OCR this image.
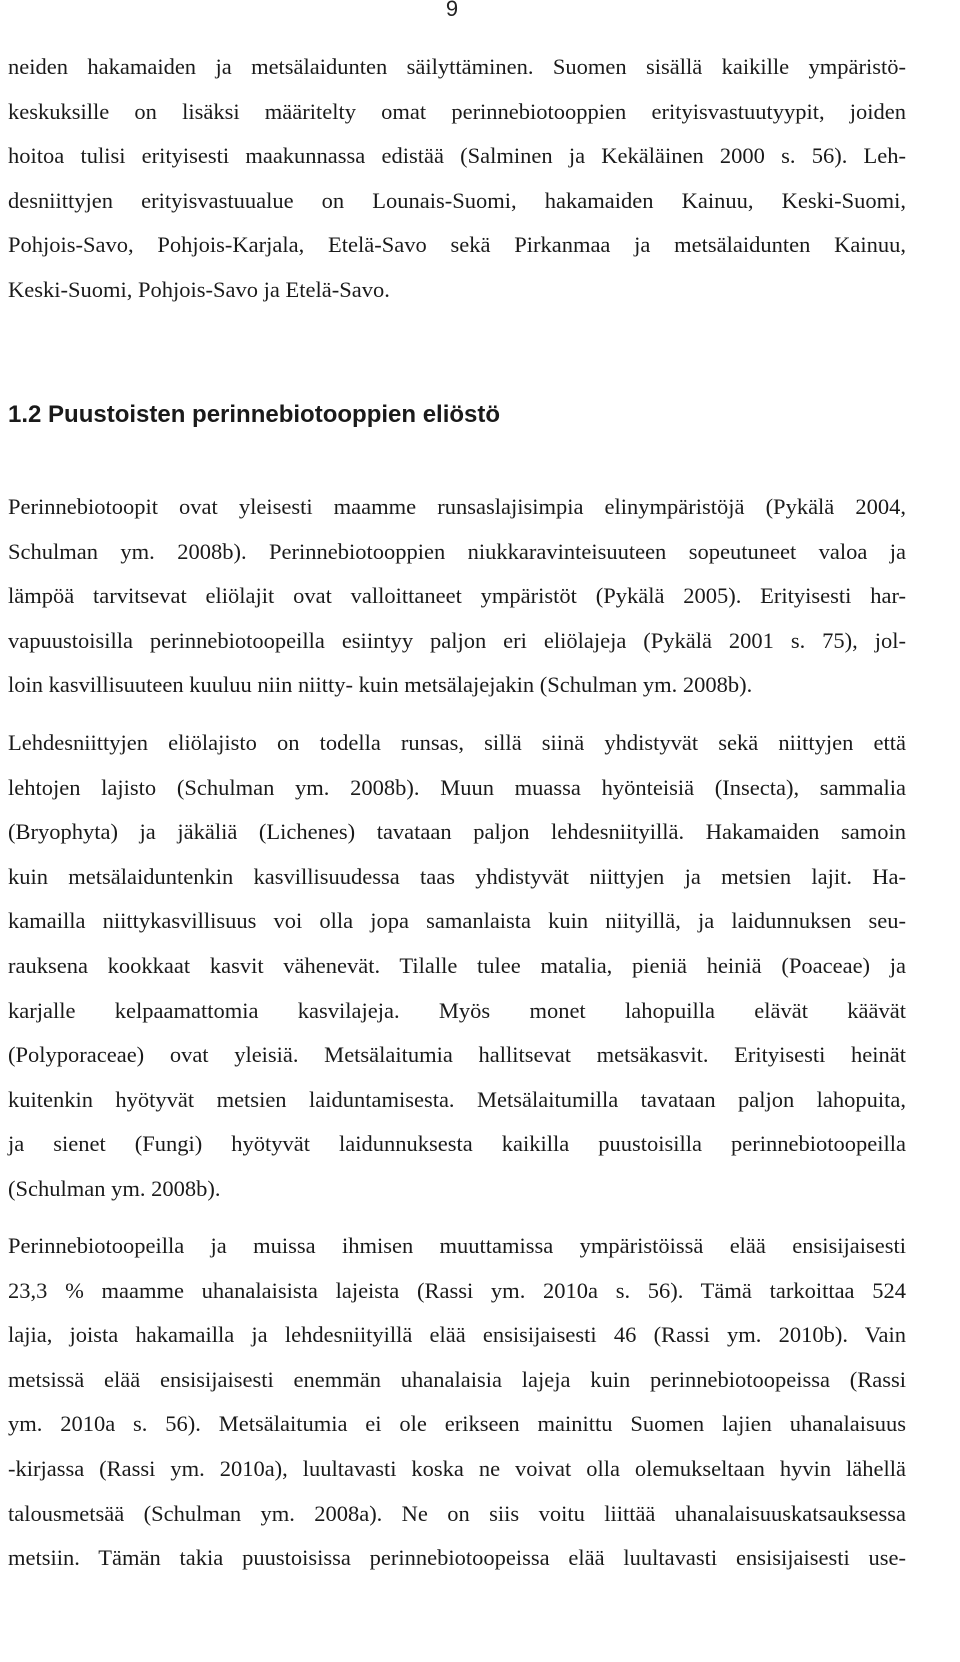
9
neiden hakamaiden ja metsälaidunten säilyttäminen. Suomen sisällä kaikille ympäristö-
keskuksille on lisäksi määritelty omat perinnebiotooppien erityisvastuutyypit, joiden
hoitoa tulisi erityisesti maakunnassa edistää (Salminen ja Kekäläinen 2000 s. 56). Leh-
desniittyjen erityisvastuualue on Lounais-Suomi, hakamaiden Kainuu, Keski-Suomi,
Pohjois-Savo, Pohjois-Karjala, Etelä-Savo sekä Pirkanmaa ja metsälaidunten Kainuu,
Keski-Suomi, Pohjois-Savo ja Etelä-Savo.
1.2 Puustoisten perinnebiotooppien eliöstö
Perinnebiotoopit ovat yleisesti maamme runsaslajisimpia elinympäristöjä (Pykälä 2004,
Schulman ym. 2008b). Perinnebiotooppien niukkaravinteisuuteen sopeutuneet valoa ja
lämpöä tarvitsevat eliölajit ovat valloittaneet ympäristöt (Pykälä 2005). Erityisesti har-
vapuustoisilla perinnebiotoopeilla esiintyy paljon eri eliölajeja (Pykälä 2001 s. 75), jol-
loin kasvillisuuteen kuuluu niin niitty- kuin metsälajejakin (Schulman ym. 2008b).
Lehdesniittyjen eliölajisto on todella runsas, sillä siinä yhdistyvät sekä niittyjen että
lehtojen lajisto (Schulman ym. 2008b). Muun muassa hyönteisiä (Insecta), sammalia
(Bryophyta) ja jäkäliä (Lichenes) tavataan paljon lehdesniityillä. Hakamaiden samoin
kuin metsälaiduntenkin kasvillisuudessa taas yhdistyvät niittyjen ja metsien lajit. Ha-
kamailla niittykasvillisuus voi olla jopa samanlaista kuin niityillä, ja laidunnuksen seu-
rauksena kookkaat kasvit vähenevät. Tilalle tulee matalia, pieniä heiniä (Poaceae) ja
karjalle kelpaamattomia kasvilajeja. Myös monet lahopuilla elävät käävät
(Polyporaceae) ovat yleisiä. Metsälaitumia hallitsevat metsäkasvit. Erityisesti heinät
kuitenkin hyötyvät metsien laiduntamisesta. Metsälaitumilla tavataan paljon lahopuita,
ja sienet (Fungi) hyötyvät laidunnuksesta kaikilla puustoisilla perinnebiotoopeilla
(Schulman ym. 2008b).
Perinnebiotoopeilla ja muissa ihmisen muuttamissa ympäristöissä elää ensisijaisesti
23,3 % maamme uhanalaisista lajeista (Rassi ym. 2010a s. 56). Tämä tarkoittaa 524
lajia, joista hakamailla ja lehdesniityillä elää ensisijaisesti 46 (Rassi ym. 2010b). Vain
metsissä elää ensisijaisesti enemmän uhanalaisia lajeja kuin perinnebiotoopeissa (Rassi
ym. 2010a s. 56). Metsälaitumia ei ole erikseen mainittu Suomen lajien uhanalaisuus
-kirjassa (Rassi ym. 2010a), luultavasti koska ne voivat olla olemukseltaan hyvin lähellä
talousmetsää (Schulman ym. 2008a). Ne on siis voitu liittää uhanalaisuuskatsauksessa
metsiin. Tämän takia puustoisissa perinnebiotoopeissa elää luultavasti ensisijaisesti use-
